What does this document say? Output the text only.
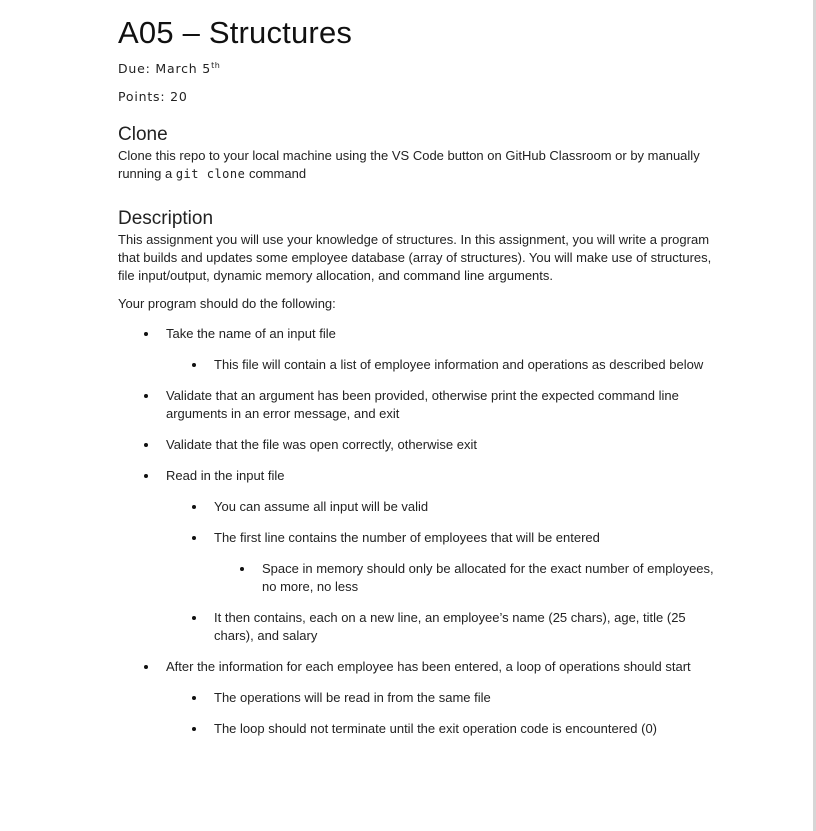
A05 – Structures

Due: March 5th

Points: 20

Clone

Clone this repo to your local machine using the VS Code button on GitHub Classroom or by manually running a git clone command

Description

This assignment you will use your knowledge of structures. In this assignment, you will write a program that builds and updates some employee database (array of structures). You will make use of structures, file input/output, dynamic memory allocation, and command line arguments.

Your program should do the following:

Take the name of an input file
This file will contain a list of employee information and operations as described below
Validate that an argument has been provided, otherwise print the expected command line arguments in an error message, and exit
Validate that the file was open correctly, otherwise exit
Read in the input file
You can assume all input will be valid
The first line contains the number of employees that will be entered
Space in memory should only be allocated for the exact number of employees, no more, no less
It then contains, each on a new line, an employee’s name (25 chars), age, title (25 chars), and salary
After the information for each employee has been entered, a loop of operations should start
The operations will be read in from the same file
The loop should not terminate until the exit operation code is encountered (0)
